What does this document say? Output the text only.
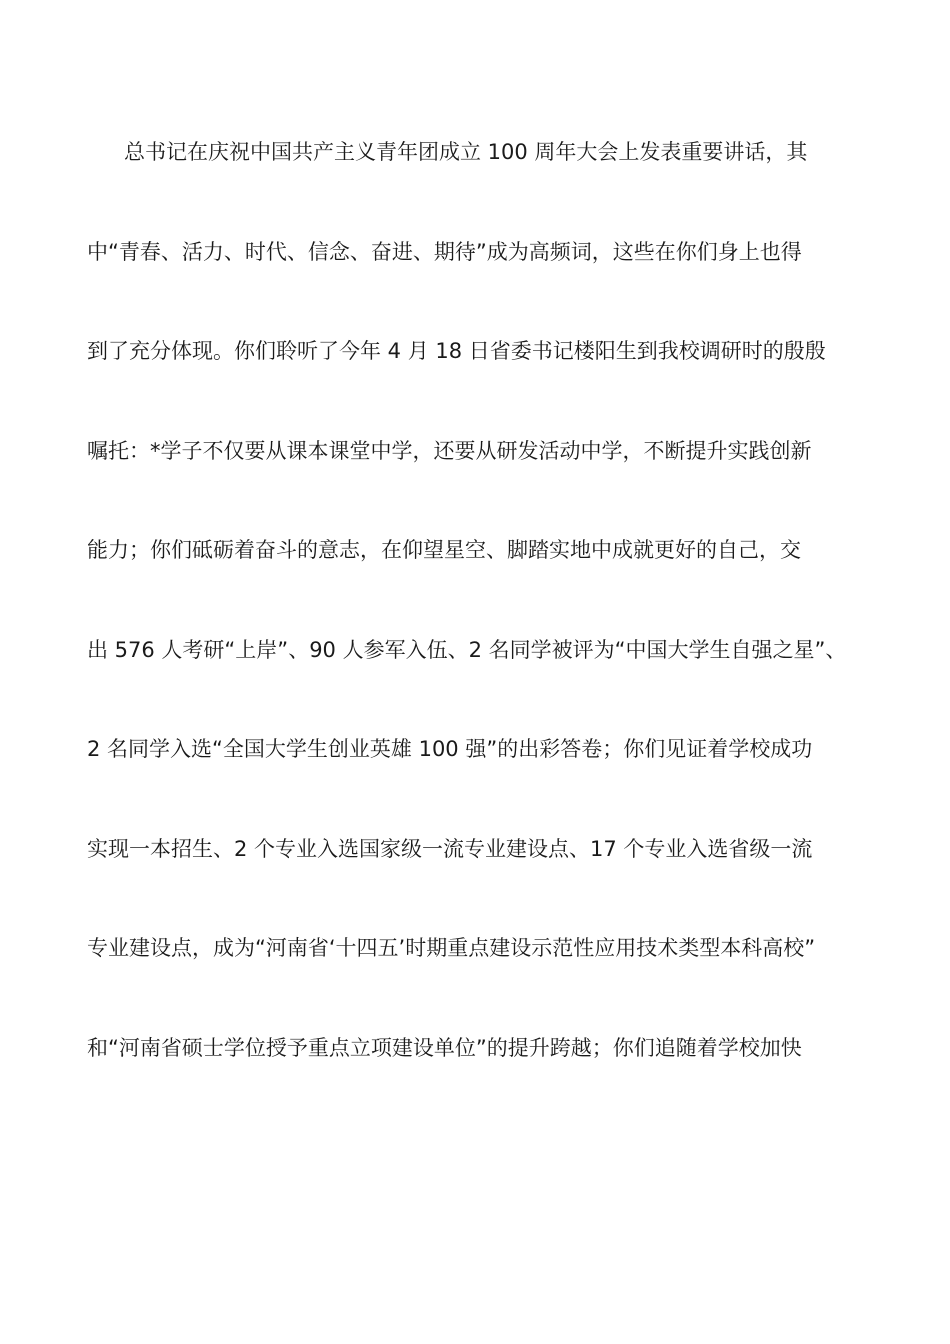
总书记在庆祝中国共产主义青年团成立 100 周年大会上发表重要讲话，其
中“青春、活力、时代、信念、奋进、期待”成为高频词，这些在你们身上也得
到了充分体现。你们聆听了今年 4 月 18 日省委书记楼阳生到我校调研时的殷殷
嘱托：*学子不仅要从课本课堂中学，还要从研发活动中学，不断提升实践创新
能力；你们砥砺着奋斗的意志，在仰望星空、脚踏实地中成就更好的自己，交
出 576 人考研“上岸”、90 人参军入伍、2 名同学被评为“中国大学生自强之星”、
2 名同学入选“全国大学生创业英雄 100 强”的出彩答卷；你们见证着学校成功
实现一本招生、2 个专业入选国家级一流专业建设点、17 个专业入选省级一流
专业建设点，成为“河南省‘十四五’时期重点建设示范性应用技术类型本科高校”
和“河南省硕士学位授予重点立项建设单位”的提升跨越；你们追随着学校加快
